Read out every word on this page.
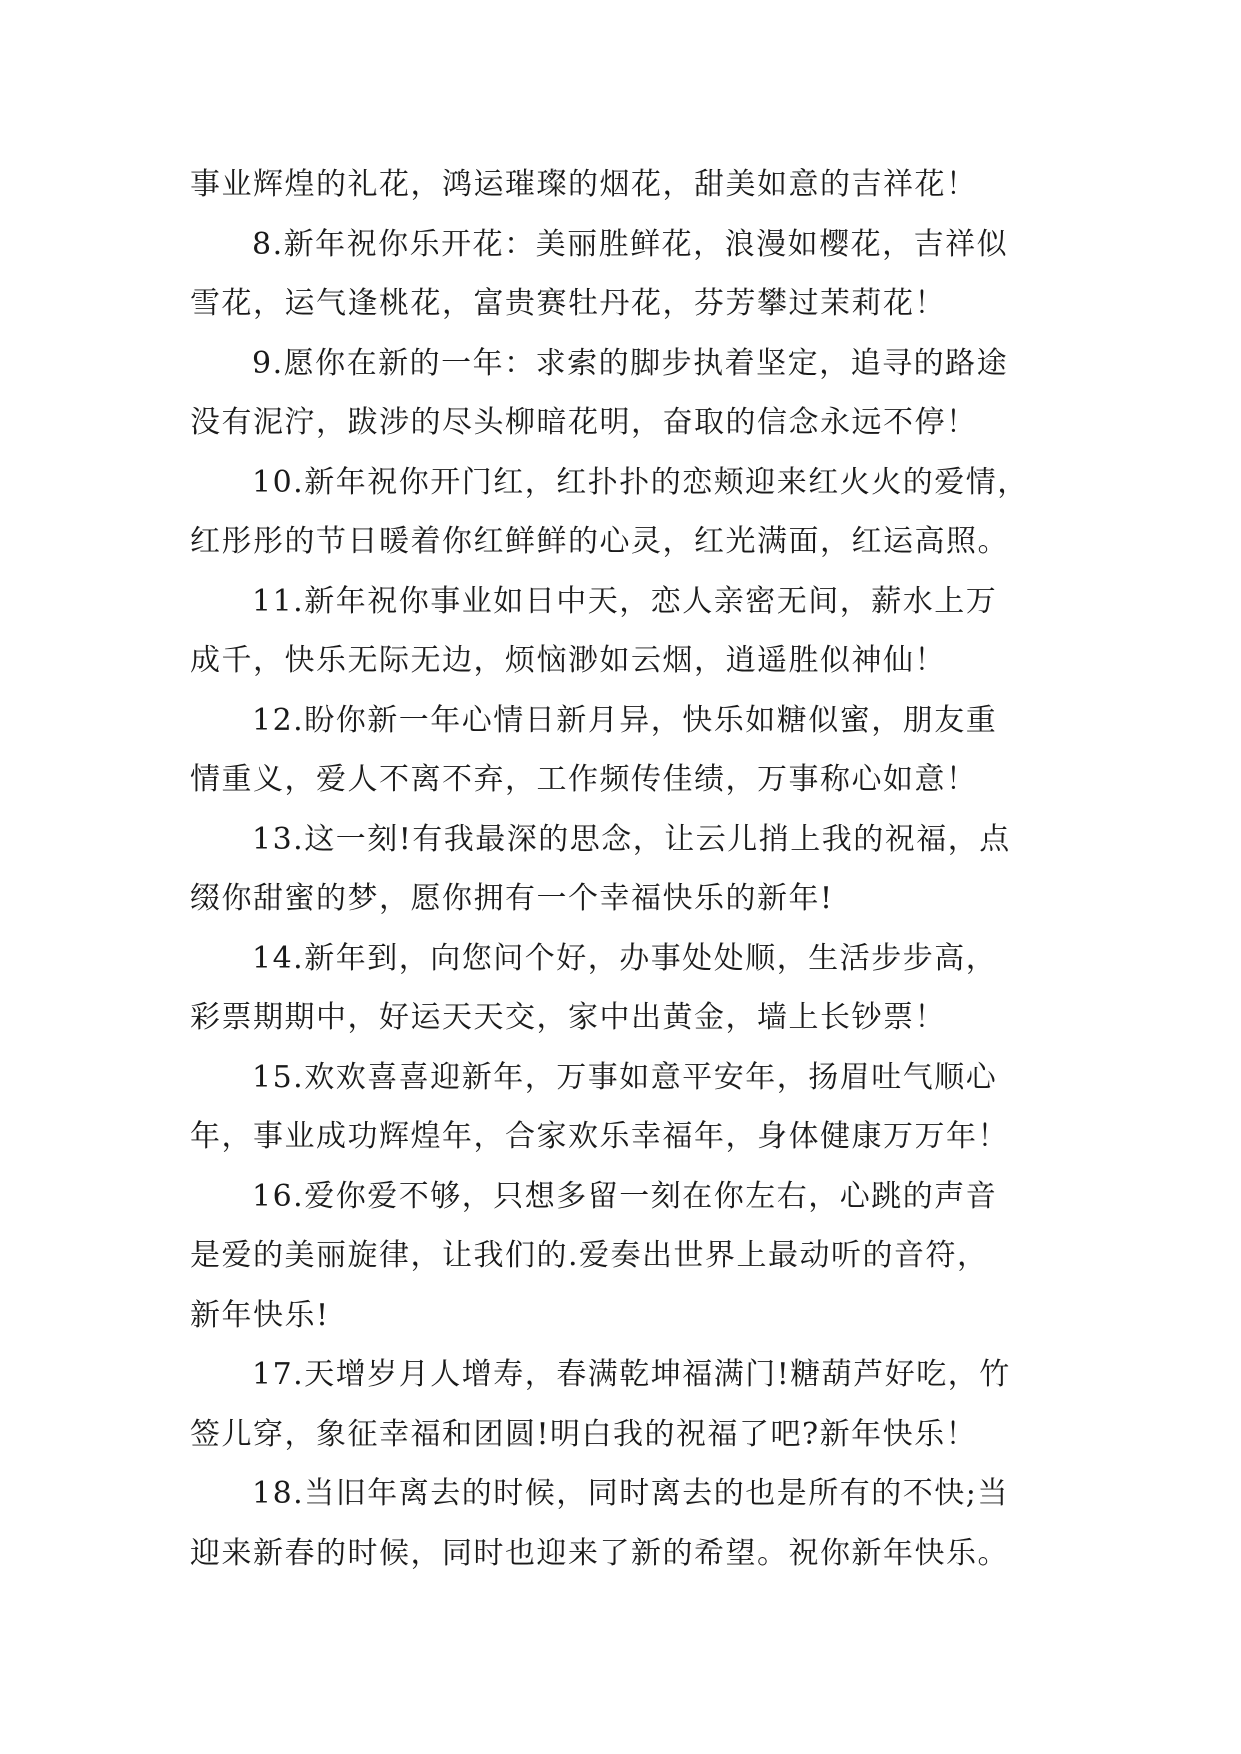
事业辉煌的礼花，鸿运璀璨的烟花，甜美如意的吉祥花！
8.新年祝你乐开花：美丽胜鲜花，浪漫如樱花，吉祥似
雪花，运气逢桃花，富贵赛牡丹花，芬芳攀过茉莉花！
9.愿你在新的一年：求索的脚步执着坚定，追寻的路途
没有泥泞，跋涉的尽头柳暗花明，奋取的信念永远不停！
10.新年祝你开门红，红扑扑的恋颊迎来红火火的爱情，
红彤彤的节日暖着你红鲜鲜的心灵，红光满面，红运高照。
11.新年祝你事业如日中天，恋人亲密无间，薪水上万
成千，快乐无际无边，烦恼渺如云烟，逍遥胜似神仙！
12.盼你新一年心情日新月异，快乐如糖似蜜，朋友重
情重义，爱人不离不弃，工作频传佳绩，万事称心如意！
13.这一刻!有我最深的思念，让云儿捎上我的祝福，点
缀你甜蜜的梦，愿你拥有一个幸福快乐的新年!
14.新年到，向您问个好，办事处处顺，生活步步高，
彩票期期中，好运天天交，家中出黄金，墙上长钞票！
15.欢欢喜喜迎新年，万事如意平安年，扬眉吐气顺心
年，事业成功辉煌年，合家欢乐幸福年，身体健康万万年！
16.爱你爱不够，只想多留一刻在你左右，心跳的声音
是爱的美丽旋律，让我们的.爱奏出世界上最动听的音符，
新年快乐!
17.天增岁月人增寿，春满乾坤福满门!糖葫芦好吃，竹
签儿穿，象征幸福和团圆!明白我的祝福了吧?新年快乐！
18.当旧年离去的时候，同时离去的也是所有的不快;当
迎来新春的时候，同时也迎来了新的希望。祝你新年快乐。
